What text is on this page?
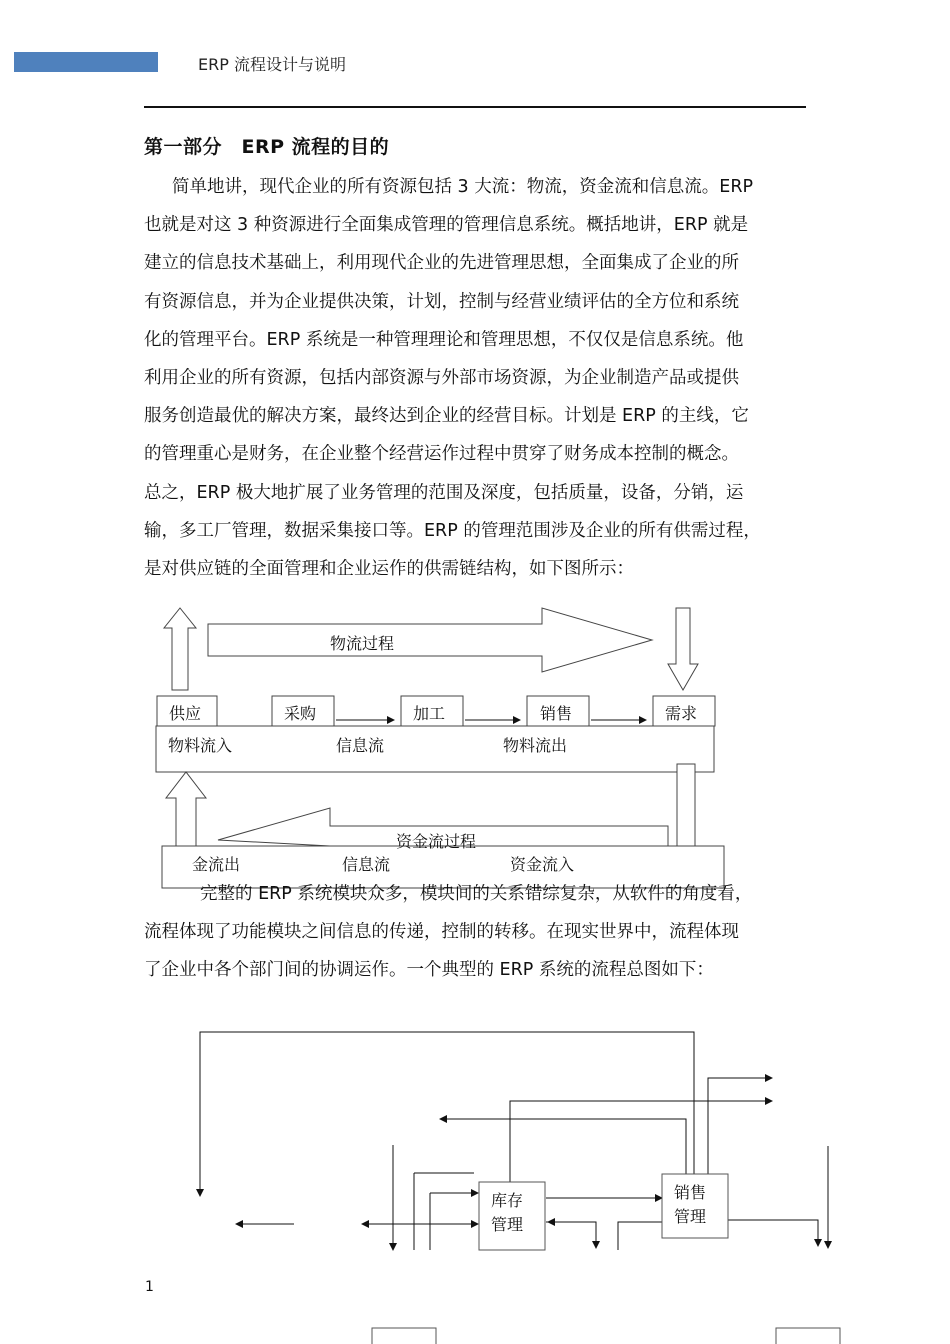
ERP 流程设计与说明
第一部分　ERP 流程的目的
简单地讲，现代企业的所有资源包括 3 大流：物流，资金流和信息流。ERP
也就是对这 3 种资源进行全面集成管理的管理信息系统。概括地讲，ERP 就是
建立的信息技术基础上，利用现代企业的先进管理思想，全面集成了企业的所
有资源信息，并为企业提供决策，计划，控制与经营业绩评估的全方位和系统
化的管理平台。ERP 系统是一种管理理论和管理思想，不仅仅是信息系统。他
利用企业的所有资源，包括内部资源与外部市场资源，为企业制造产品或提供
服务创造最优的解决方案，最终达到企业的经营目标。计划是 ERP 的主线，它
的管理重心是财务，在企业整个经营运作过程中贯穿了财务成本控制的概念。
总之，ERP 极大地扩展了业务管理的范围及深度，包括质量，设备，分销，运
输，多工厂管理，数据采集接口等。ERP 的管理范围涉及企业的所有供需过程，
是对供应链的全面管理和企业运作的供需链结构，如下图所示：
物流过程
供应	采购	加工	销售	需求
物料流入	信息流	物料流出
资金流过程
金流出	信息流	资金流入
完整的 ERP 系统模块众多，模块间的关系错综复杂，从软件的角度看，
流程体现了功能模块之间信息的传递，控制的转移。在现实世界中，流程体现
了企业中各个部门间的协调运作。一个典型的 ERP 系统的流程总图如下：
库存
管理
销售
管理
1
